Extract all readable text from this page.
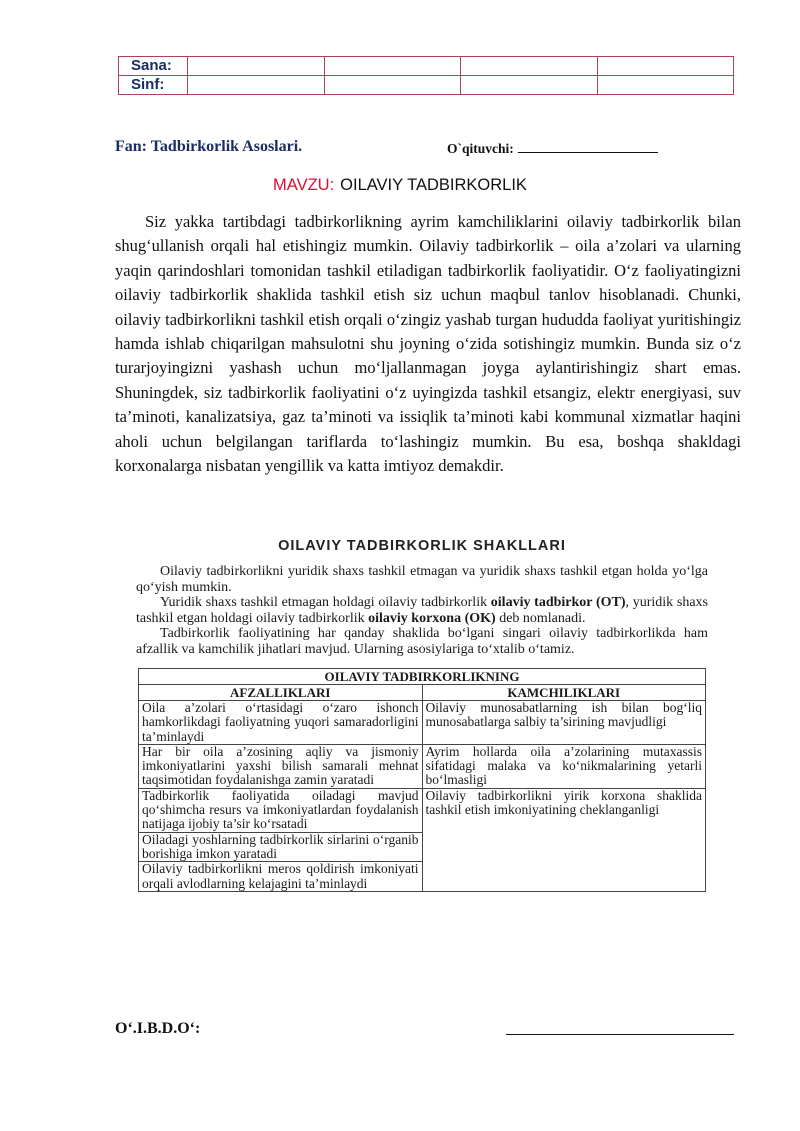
Sana:				
Sinf:				
Fan: Tadbirkorlik Asoslari.	O`qituvchi:
MAVZU: OILAVIY TADBIRKORLIK

Siz yakka tartibdagi tadbirkorlikning ayrim kamchiliklarini oilaviy tadbirkorlik bilan shug‘ullanish orqali hal etishingiz mumkin. Oilaviy tadbirkorlik – oila a’zolari va ularning yaqin qarindoshlari tomonidan tashkil etiladigan tadbirkorlik faoliyatidir. O‘z faoliyatingizni oilaviy tadbirkorlik shaklida tashkil etish siz uchun maqbul tanlov hisoblanadi. Chunki, oilaviy tadbirkorlikni tashkil etish orqali o‘zingiz yashab turgan hududda faoliyat yuritishingiz hamda ishlab chiqarilgan mahsulotni shu joyning o‘zida sotishingiz mumkin. Bunda siz o‘z turarjoyingizni yashash uchun mo‘ljallanmagan joyga aylantirishingiz shart emas. Shuningdek, siz tadbirkorlik faoliyatini o‘z uyingizda tashkil etsangiz, elektr energiyasi, suv ta’minoti, kanalizatsiya, gaz ta’minoti va issiqlik ta’minoti kabi kommunal xizmatlar haqini aholi uchun belgilangan tariflarda to‘lashingiz mumkin. Bu esa, boshqa shakldagi korxonalarga nisbatan yengillik va katta imtiyoz demakdir.

OILAVIY TADBIRKORLIK SHAKLLARI

Oilaviy tadbirkorlikni yuridik shaxs tashkil etmagan va yuridik shaxs tashkil etgan holda yo‘lga qo‘yish mumkin.

Yuridik shaxs tashkil etmagan holdagi oilaviy tadbirkorlik oilaviy tadbirkor (OT), yuridik shaxs tashkil etgan holdagi oilaviy tadbirkorlik oilaviy korxona (OK) deb nomlanadi.

Tadbirkorlik faoliyatining har qanday shaklida bo‘lgani singari oilaviy tadbirkorlikda ham afzallik va kamchilik jihatlari mavjud. Ularning asosiylariga to‘xtalib o‘tamiz.

OILAVIY TADBIRKORLIKNING	
AFZALLIKLARI	KAMCHILIKLARI
Oila a’zolari o‘rtasidagi o‘zaro ishonch hamkorlikdagi faoliyatning yuqori samaradorligini ta’minlaydi	Oilaviy munosabatlarning ish bilan bog‘liq munosabatlarga salbiy ta’sirining mavjudligi
Har bir oila a’zosining aqliy va jismoniy imkoniyatlarini yaxshi bilish samarali mehnat taqsimotidan foydalanishga zamin yaratadi	Ayrim hollarda oila a’zolarining mutaxassis sifatidagi malaka va ko‘nikmalarining yetarli bo‘lmasligi
Tadbirkorlik faoliyatida oiladagi mavjud qo‘shimcha resurs va imkoniyatlardan foydalanish natijaga ijobiy ta’sir ko‘rsatadi	Oilaviy tadbirkorlikni yirik korxona shaklida tashkil etish imkoniyatining cheklanganligi
Oiladagi yoshlarning tadbirkorlik sirlarini o‘rganib borishiga imkon yaratadi	
Oilaviy tadbirkorlikni meros qoldirish imkoniyati orqali avlodlarning kelajagini ta’minlaydi	
O‘.I.B.D.O‘:
